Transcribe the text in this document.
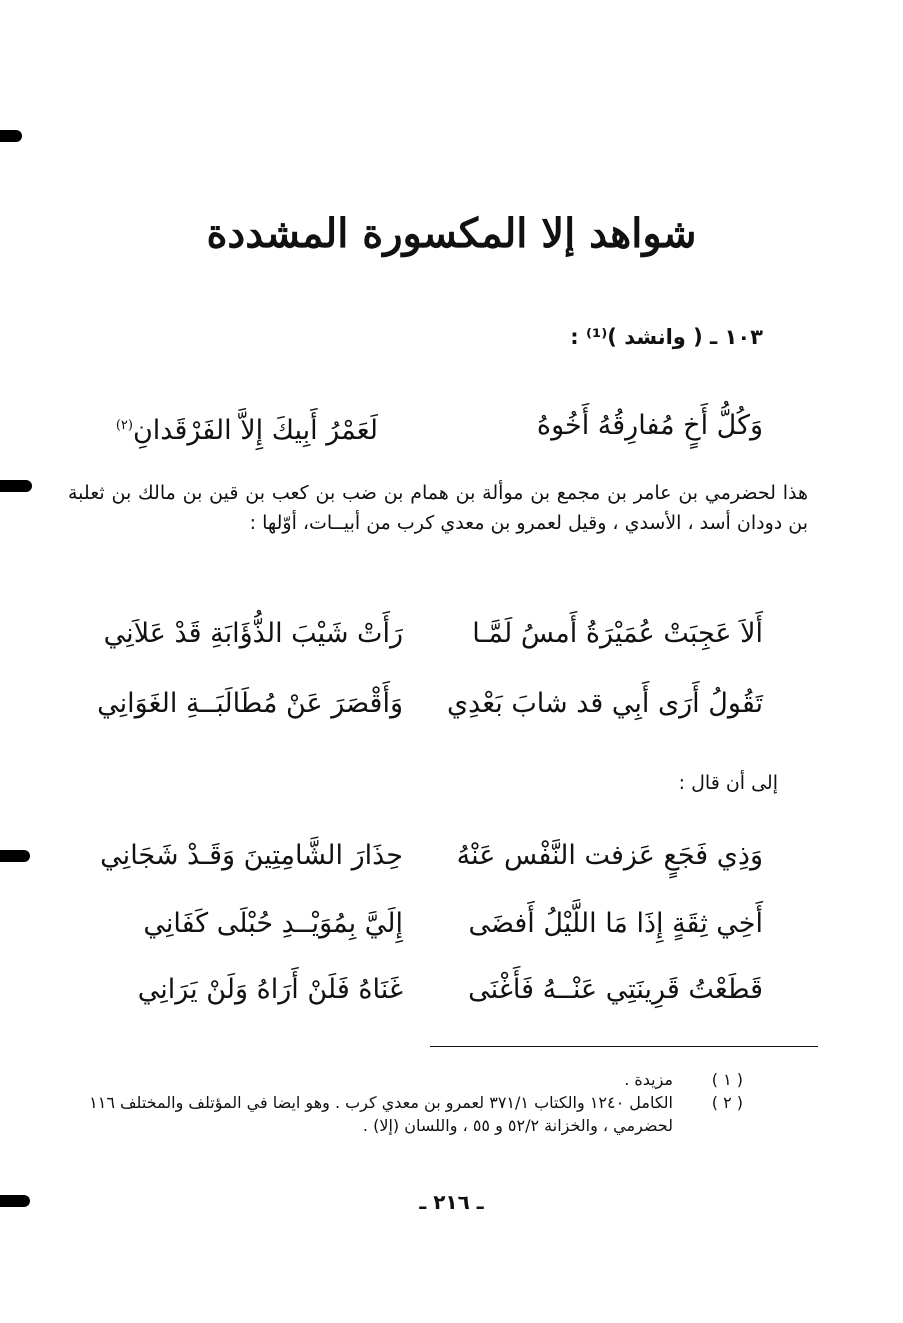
شواهد إلا المكسورة المشددة
١٠٣ ـ ( وانشد )⁽¹⁾ :
وَكُلُّ أَخٍ مُفارِقُهُ أَخُوهُ
لَعَمْرُ أَبِيكَ إِلاَّ الفَرْقَدانِ$^{(٢)}$
هذا لحضرمي بن عامر بن مجمع بن موألة بن همام بن ضب بن كعب بن قين بن مالك بن ثعلبة بن دودان أسد ، الأسدي ، وقيل لعمرو بن معدي كرب من أبيــات، أوّلها :
أَلاَ عَجِبَتْ عُمَيْرَةُ أَمسُ لَمَّـا
رَأَتْ شَيْبَ الذُّؤَابَةِ قَدْ عَلاَنِي
تَقُولُ أَرَى أَبِي قد شابَ بَعْدِي
وَأَقْصَرَ عَنْ مُطَالَبَــةِ الغَوَانِي
إلى أن قال :
وَذِي فَجَعٍ عَزفت النَّفْس عَنْهُ
حِذَارَ الشَّامِتِينَ وَقَـدْ شَجَانِي
أَخِي ثِقَةٍ إِذَا مَا اللَّيْلُ أَفضَى
إِلَيَّ بِمُوَيْــدِ حُبْلَى كَفَانِي
قَطَعْتُ قَرِينَتِي عَنْــهُ فَأَغْنَى
غَنَاهُ فَلَنْ أَرَاهُ وَلَنْ يَرَانِي
( ١ )
مزيدة .
( ٢ )
الكامل ١٢٤٠ والكتاب ٣٧١/١ لعمرو بن معدي كرب . وهو ايضا في المؤتلف والمختلف ١١٦ لحضرمي ، والخزانة ٥٢/٢ و ٥٥ ، واللسان (إلا) .
ـ ٢١٦ ـ
